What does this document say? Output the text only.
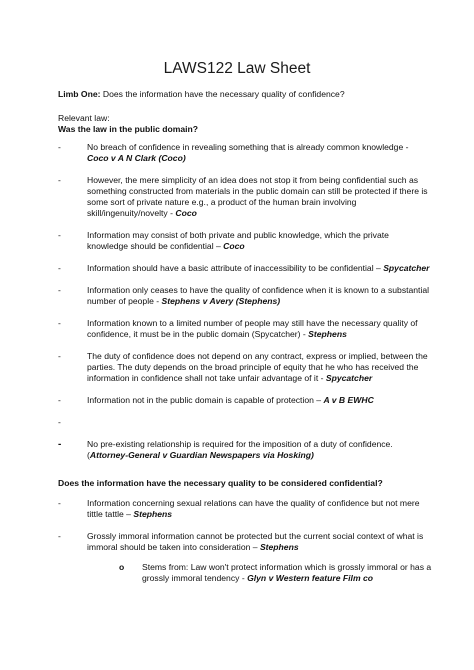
LAWS122 Law Sheet
Limb One: Does the information have the necessary quality of confidence?
Relevant law:
Was the law in the public domain?
-	No breach of confidence in revealing something that is already common knowledge - Coco v A N Clark (Coco)
-	However, the mere simplicity of an idea does not stop it from being confidential such as something constructed from materials in the public domain can still be protected if there is some sort of private nature e.g., a product of the human brain involving skill/ingenuity/novelty - Coco
-	Information may consist of both private and public knowledge, which the private knowledge should be confidential – Coco
-	Information should have a basic attribute of inaccessibility to be confidential – Spycatcher
-	Information only ceases to have the quality of confidence when it is known to a substantial number of people - Stephens v Avery (Stephens)
-	Information known to a limited number of people may still have the necessary quality of confidence, it must be in the public domain (Spycatcher) - Stephens
-	The duty of confidence does not depend on any contract, express or implied, between the parties. The duty depends on the broad principle of equity that he who has received the information in confidence shall not take unfair advantage of it - Spycatcher
-	Information not in the public domain is capable of protection – A v B EWHC
-
-	No pre-existing relationship is required for the imposition of a duty of confidence. (Attorney-General v Guardian Newspapers via Hosking)
Does the information have the necessary quality to be considered confidential?
-	Information concerning sexual relations can have the quality of confidence but not mere tittle tattle – Stephens
-	Grossly immoral information cannot be protected but the current social context of what is immoral should be taken into consideration – Stephens
o Stems from: Law won't protect information which is grossly immoral or has a grossly immoral tendency - Glyn v Western feature Film co
